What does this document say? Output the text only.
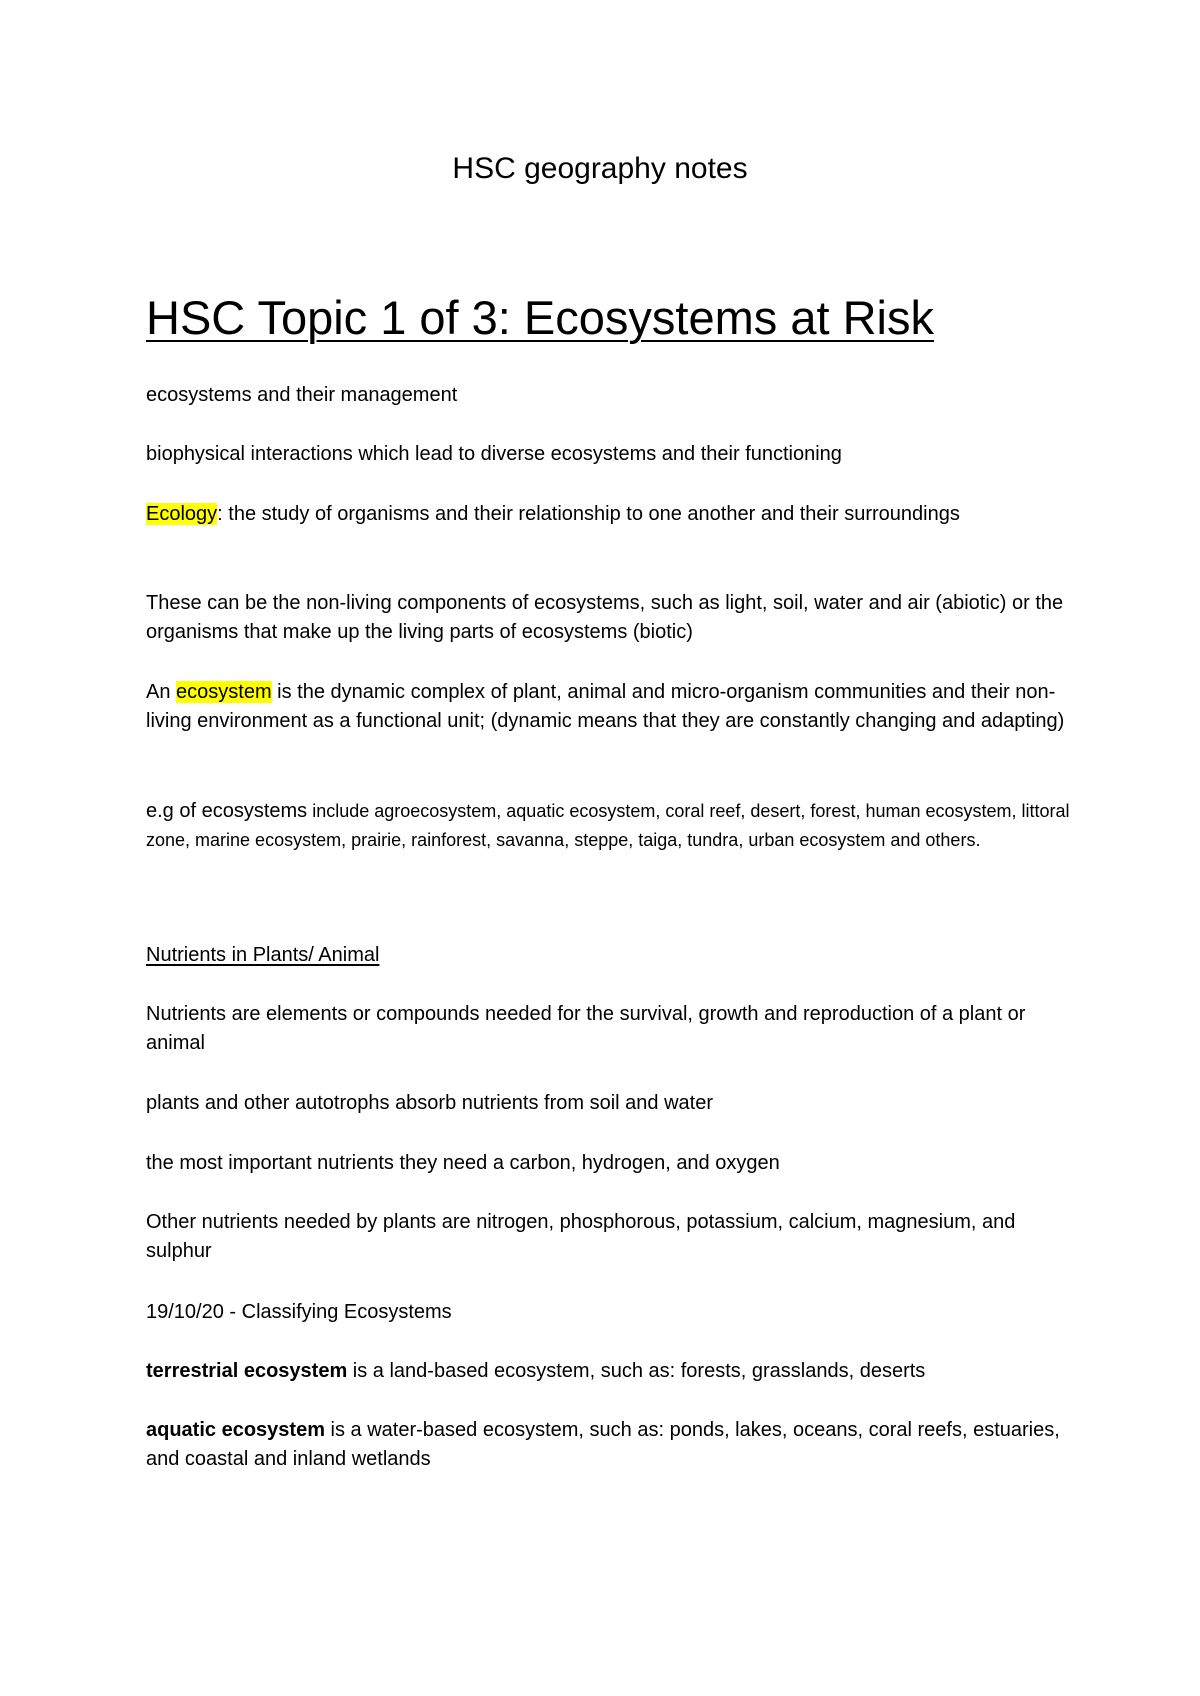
HSC geography notes
HSC Topic 1 of 3: Ecosystems at Risk

ecosystems and their management

biophysical interactions which lead to diverse ecosystems and their functioning

Ecology: the study of organisms and their relationship to one another and their surroundings

These can be the non-living components of ecosystems, such as light, soil, water and air (abiotic) or the organisms that make up the living parts of ecosystems (biotic)

An ecosystem is the dynamic complex of plant, animal and micro-organism communities and their non-living environment as a functional unit; (dynamic means that they are constantly changing and adapting)

e.g of ecosystems include agroecosystem, aquatic ecosystem, coral reef, desert, forest, human ecosystem, littoral zone, marine ecosystem, prairie, rainforest, savanna, steppe, taiga, tundra, urban ecosystem and others.

Nutrients in Plants/ Animal

Nutrients are elements or compounds needed for the survival, growth and reproduction of a plant or animal

plants and other autotrophs absorb nutrients from soil and water

the most important nutrients they need a carbon, hydrogen, and oxygen

Other nutrients needed by plants are nitrogen, phosphorous, potassium, calcium, magnesium, and sulphur

19/10/20 - Classifying Ecosystems

terrestrial ecosystem is a land-based ecosystem, such as: forests, grasslands, deserts

aquatic ecosystem is a water-based ecosystem, such as: ponds, lakes, oceans, coral reefs, estuaries, and coastal and inland wetlands
